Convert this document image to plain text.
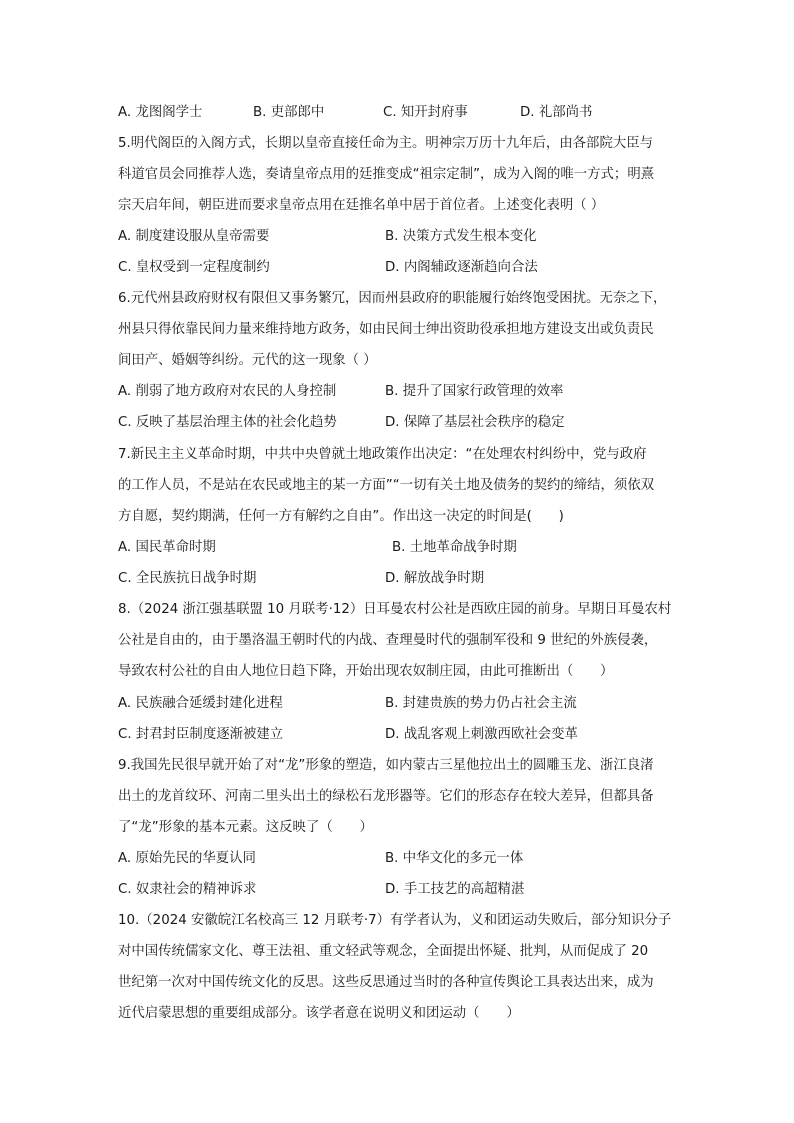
A. 龙图阁学士	B. 吏部郎中	C. 知开封府事	D. 礼部尚书
5.明代阁臣的入阁方式，长期以皇帝直接任命为主。明神宗万历十九年后，由各部院大臣与
科道官员会同推荐人选，奏请皇帝点用的廷推变成“祖宗定制”，成为入阁的唯一方式；明熹
宗天启年间，朝臣进而要求皇帝点用在廷推名单中居于首位者。上述变化表明（ ）
A. 制度建设服从皇帝需要	B. 决策方式发生根本变化
C. 皇权受到一定程度制约	D. 内阁辅政逐渐趋向合法
6.元代州县政府财权有限但又事务繁冗，因而州县政府的职能履行始终饱受困扰。无奈之下，
州县只得依靠民间力量来维持地方政务，如由民间士绅出资助役承担地方建设支出或负责民
间田产、婚姻等纠纷。元代的这一现象（ ）
A. 削弱了地方政府对农民的人身控制	B. 提升了国家行政管理的效率
C. 反映了基层治理主体的社会化趋势	D. 保障了基层社会秩序的稳定
7.新民主主义革命时期，中共中央曾就土地政策作出决定：“在处理农村纠纷中，党与政府
的工作人员，不是站在农民或地主的某一方面”“一切有关土地及债务的契约的缔结，须依双
方自愿，契约期满，任何一方有解约之自由”。作出这一决定的时间是(　　)
A. 国民革命时期	B. 土地革命战争时期
C. 全民族抗日战争时期	D. 解放战争时期
8.（2024 浙江强基联盟 10 月联考·12）日耳曼农村公社是西欧庄园的前身。早期日耳曼农村
公社是自由的，由于墨洛温王朝时代的内战、查理曼时代的强制军役和 9 世纪的外族侵袭，
导致农村公社的自由人地位日趋下降，开始出现农奴制庄园，由此可推断出（　　）
A. 民族融合延缓封建化进程	B. 封建贵族的势力仍占社会主流
C. 封君封臣制度逐渐被建立	D. 战乱客观上刺激西欧社会变革
9.我国先民很早就开始了对“龙”形象的塑造，如内蒙古三星他拉出土的圆雕玉龙、浙江良渚
出土的龙首纹环、河南二里头出土的绿松石龙形器等。它们的形态存在较大差异，但都具备
了“龙”形象的基本元素。这反映了（　　）
A. 原始先民的华夏认同	B. 中华文化的多元一体
C. 奴隶社会的精神诉求	D. 手工技艺的高超精湛
10.（2024 安徽皖江名校高三 12 月联考·7）有学者认为，义和团运动失败后，部分知识分子
对中国传统儒家文化、尊王法祖、重文轻武等观念，全面提出怀疑、批判，从而促成了 20
世纪第一次对中国传统文化的反思。这些反思通过当时的各种宣传舆论工具表达出来，成为
近代启蒙思想的重要组成部分。该学者意在说明义和团运动（　　）
